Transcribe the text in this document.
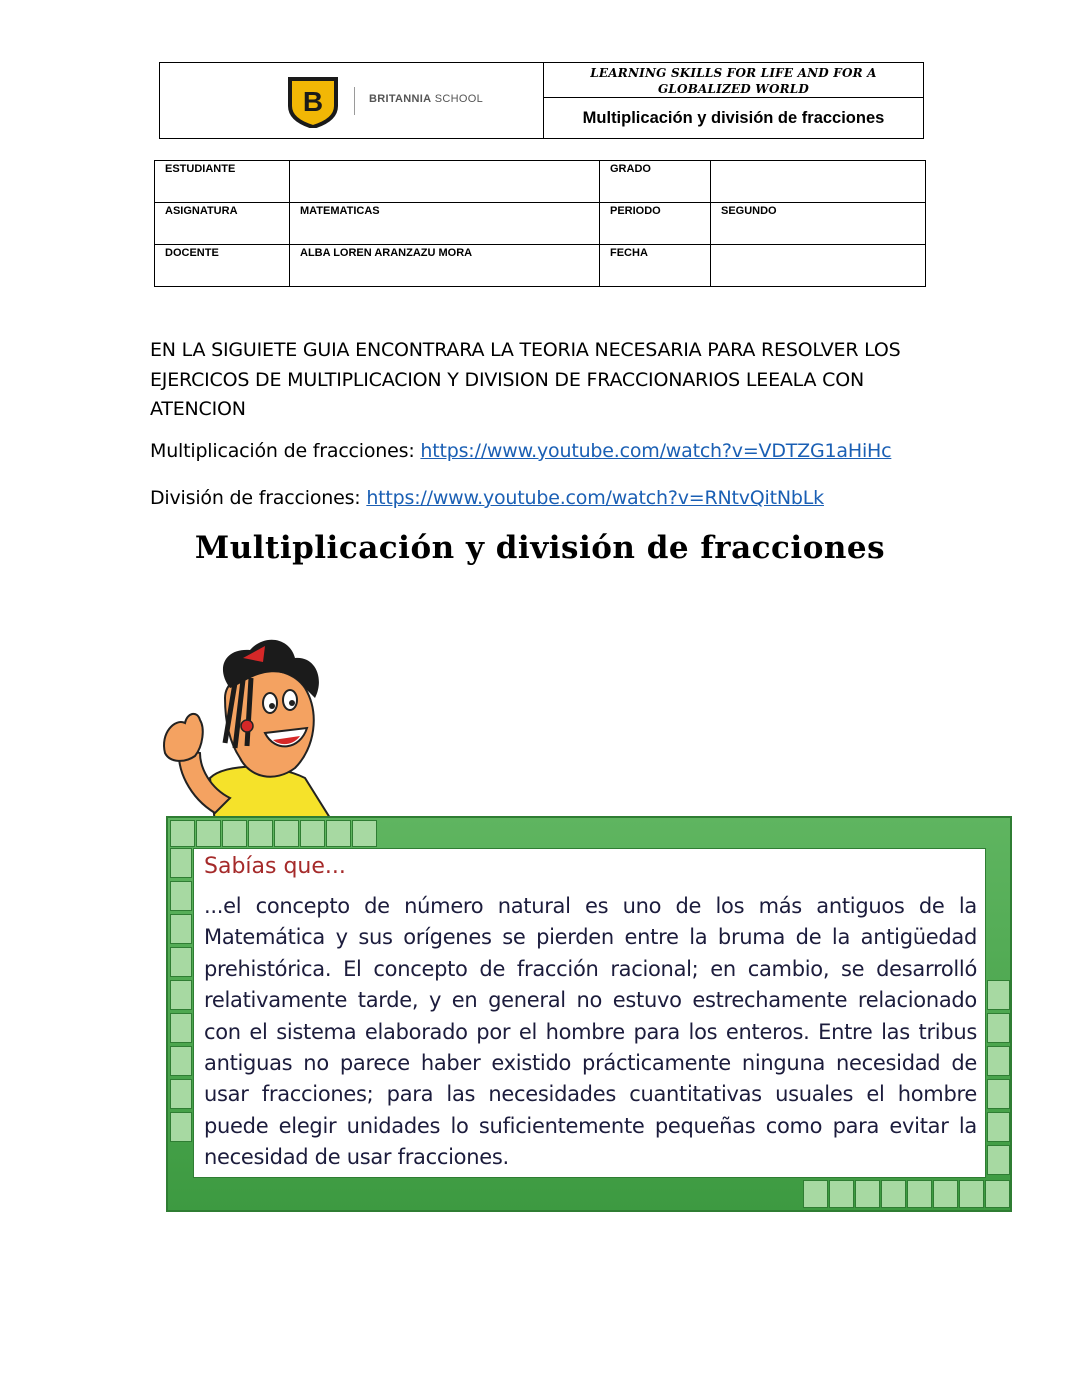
B	BRITANNIA SCHOOL
LEARNING SKILLS FOR LIFE AND FOR A GLOBALIZED WORLD
Multiplicación y división de fracciones
ESTUDIANTE		GRADO	
ASIGNATURA	MATEMATICAS	PERIODO	SEGUNDO
DOCENTE	ALBA LOREN ARANZAZU MORA	FECHA	
EN LA SIGUIETE GUIA ENCONTRARA LA TEORIA NECESARIA PARA RESOLVER LOS EJERCICOS DE MULTIPLICACION Y DIVISION DE FRACCIONARIOS LEEALA CON ATENCION
Multiplicación de fracciones: https://www.youtube.com/watch?v=VDTZG1aHiHc
División de fracciones: https://www.youtube.com/watch?v=RNtvQitNbLk
Multiplicación y división de fracciones
Sabías que...
...el concepto de número natural es uno de los más antiguos de la Matemática y sus orígenes se pierden entre la bruma de la antigüedad prehistórica. El concepto de fracción racional; en cambio, se desarrolló relativamente tarde, y en general no estuvo estrechamente relacionado con el sistema elaborado por el hombre para los enteros. Entre las tribus antiguas no parece haber existido prácticamente ninguna necesidad de usar fracciones; para las necesidades cuantitativas usuales el hombre puede elegir unidades lo suficientemente pequeñas como para evitar la necesidad de usar fracciones.
